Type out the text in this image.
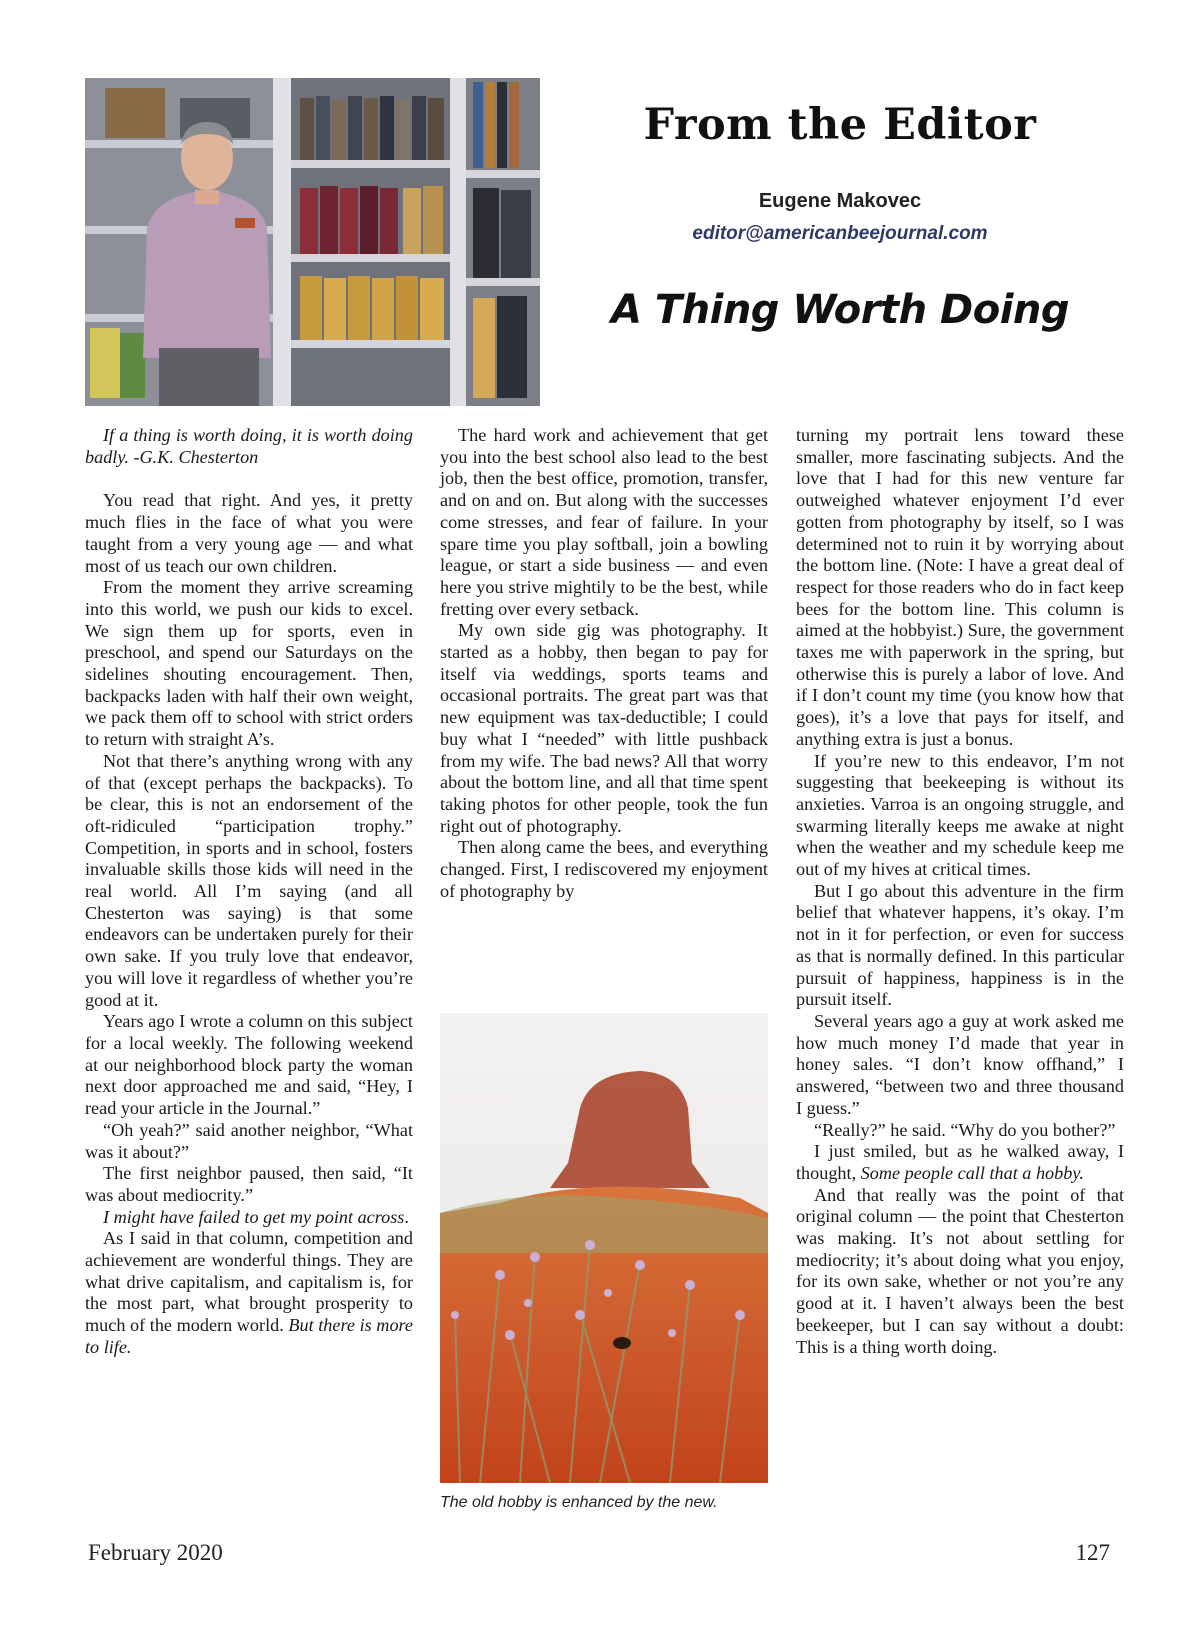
From the Editor
Eugene Makovec
editor@americanbeejournal.com
A Thing Worth Doing

If a thing is worth doing, it is worth doing badly. -G.K. Chesterton

You read that right. And yes, it pretty much flies in the face of what you were taught from a very young age — and what most of us teach our own children.

From the moment they arrive screaming into this world, we push our kids to excel. We sign them up for sports, even in preschool, and spend our Saturdays on the sidelines shouting encouragement. Then, backpacks laden with half their own weight, we pack them off to school with strict orders to return with straight A’s.

Not that there’s anything wrong with any of that (except perhaps the backpacks). To be clear, this is not an endorsement of the oft-ridiculed “participation trophy.” Competition, in sports and in school, fosters invaluable skills those kids will need in the real world. All I’m saying (and all Chesterton was saying) is that some endeavors can be undertaken purely for their own sake. If you truly love that endeavor, you will love it regardless of whether you’re good at it.

Years ago I wrote a column on this subject for a local weekly. The following weekend at our neighborhood block party the woman next door approached me and said, “Hey, I read your article in the Journal.”

“Oh yeah?” said another neighbor, “What was it about?”

The first neighbor paused, then said, “It was about mediocrity.”

I might have failed to get my point across.

As I said in that column, competition and achievement are wonderful things. They are what drive capitalism, and capitalism is, for the most part, what brought prosperity to much of the modern world. But there is more to life.

The hard work and achievement that get you into the best school also lead to the best job, then the best office, promotion, transfer, and on and on. But along with the successes come stresses, and fear of failure. In your spare time you play softball, join a bowling league, or start a side business — and even here you strive mightily to be the best, while fretting over every setback.

My own side gig was photography. It started as a hobby, then began to pay for itself via weddings, sports teams and occasional portraits. The great part was that new equipment was tax-deductible; I could buy what I “needed” with little pushback from my wife. The bad news? All that worry about the bottom line, and all that time spent taking photos for other people, took the fun right out of photography.

Then along came the bees, and everything changed. First, I rediscovered my enjoyment of photography by

The old hobby is enhanced by the new.

turning my portrait lens toward these smaller, more fascinating subjects. And the love that I had for this new venture far outweighed whatever enjoyment I’d ever gotten from photography by itself, so I was determined not to ruin it by worrying about the bottom line. (Note: I have a great deal of respect for those readers who do in fact keep bees for the bottom line. This column is aimed at the hobbyist.) Sure, the government taxes me with paperwork in the spring, but otherwise this is purely a labor of love. And if I don’t count my time (you know how that goes), it’s a love that pays for itself, and anything extra is just a bonus.

If you’re new to this endeavor, I’m not suggesting that beekeeping is without its anxieties. Varroa is an ongoing struggle, and swarming literally keeps me awake at night when the weather and my schedule keep me out of my hives at critical times.

But I go about this adventure in the firm belief that whatever happens, it’s okay. I’m not in it for perfection, or even for success as that is normally defined. In this particular pursuit of happiness, happiness is in the pursuit itself.

Several years ago a guy at work asked me how much money I’d made that year in honey sales. “I don’t know offhand,” I answered, “between two and three thousand I guess.”

“Really?” he said. “Why do you bother?”

I just smiled, but as he walked away, I thought, Some people call that a hobby.

And that really was the point of that original column — the point that Chesterton was making. It’s not about settling for mediocrity; it’s about doing what you enjoy, for its own sake, whether or not you’re any good at it. I haven’t always been the best beekeeper, but I can say without a doubt: This is a thing worth doing.

February 2020	127
